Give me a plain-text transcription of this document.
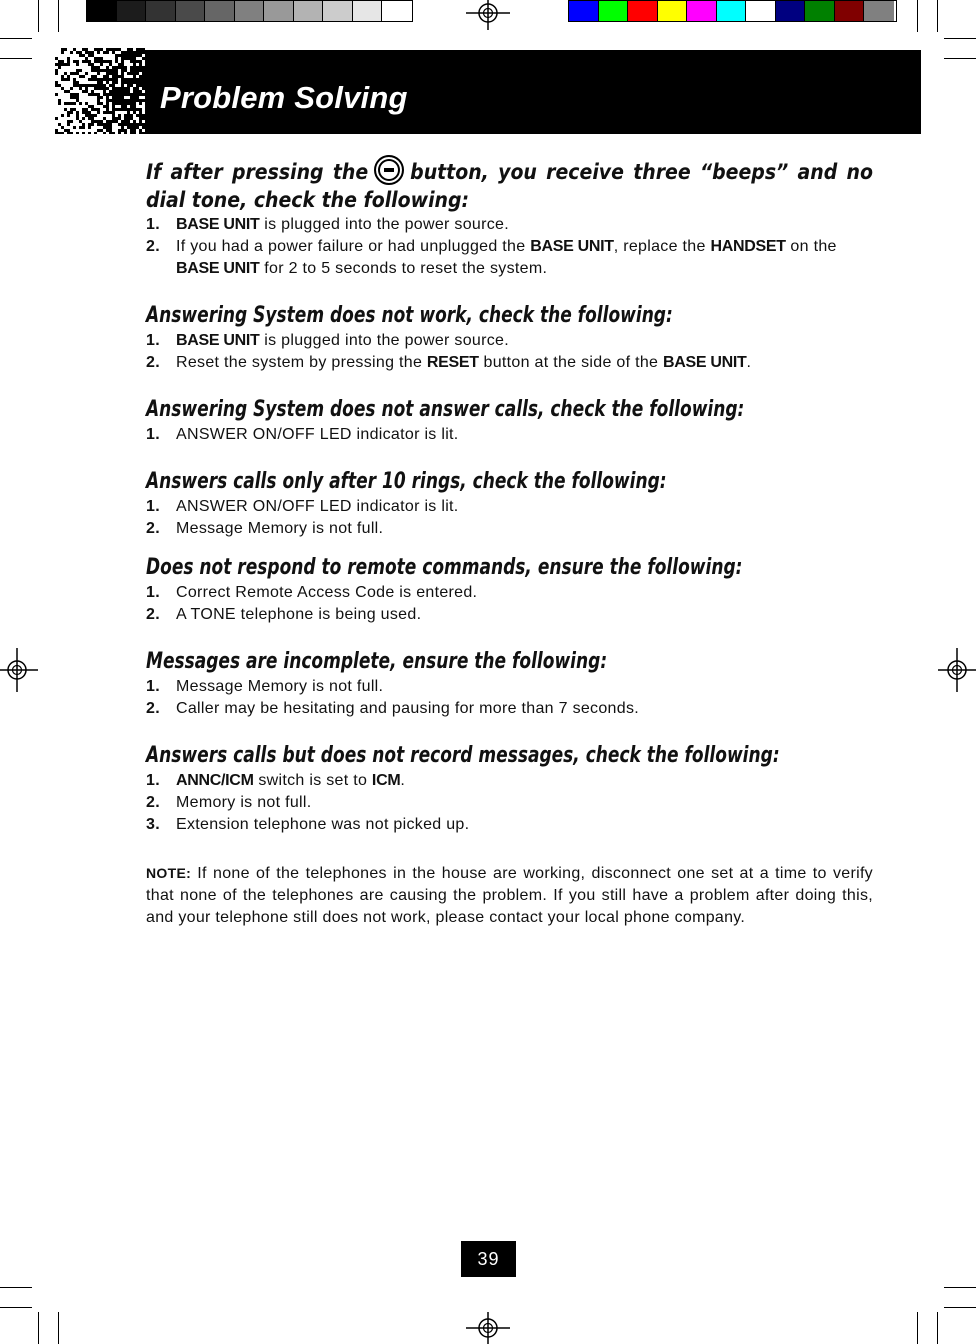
Problem Solving
If after pressing the button, you receive three “beeps” and no dial tone, check the following:
1. BASE UNIT is plugged into the power source.
2. If you had a power failure or had unplugged the BASE UNIT, replace the HANDSET on the BASE UNIT for 2 to 5 seconds to reset the system.
Answering System does not work, check the following:
1. BASE UNIT is plugged into the power source.
2. Reset the system by pressing the RESET button at the side of the BASE UNIT.
Answering System does not answer calls, check the following:
1. ANSWER ON/OFF LED indicator is lit.
Answers calls only after 10 rings, check the following:
1. ANSWER ON/OFF LED indicator is lit.
2. Message Memory is not full.
Does not respond to remote commands, ensure the following:
1. Correct Remote Access Code is entered.
2. A TONE telephone is being used.
Messages are incomplete, ensure the following:
1. Message Memory is not full.
2. Caller may be hesitating and pausing for more than 7 seconds.
Answers calls but does not record messages, check the following:
1. ANNC/ICM switch is set to ICM.
2. Memory is not full.
3. Extension telephone was not picked up.

NOTE: If none of the telephones in the house are working, disconnect one set at a time to verify that none of the telephones are causing the problem. If you still have a problem after doing this, and your telephone still does not work, please contact your local phone company.

39
